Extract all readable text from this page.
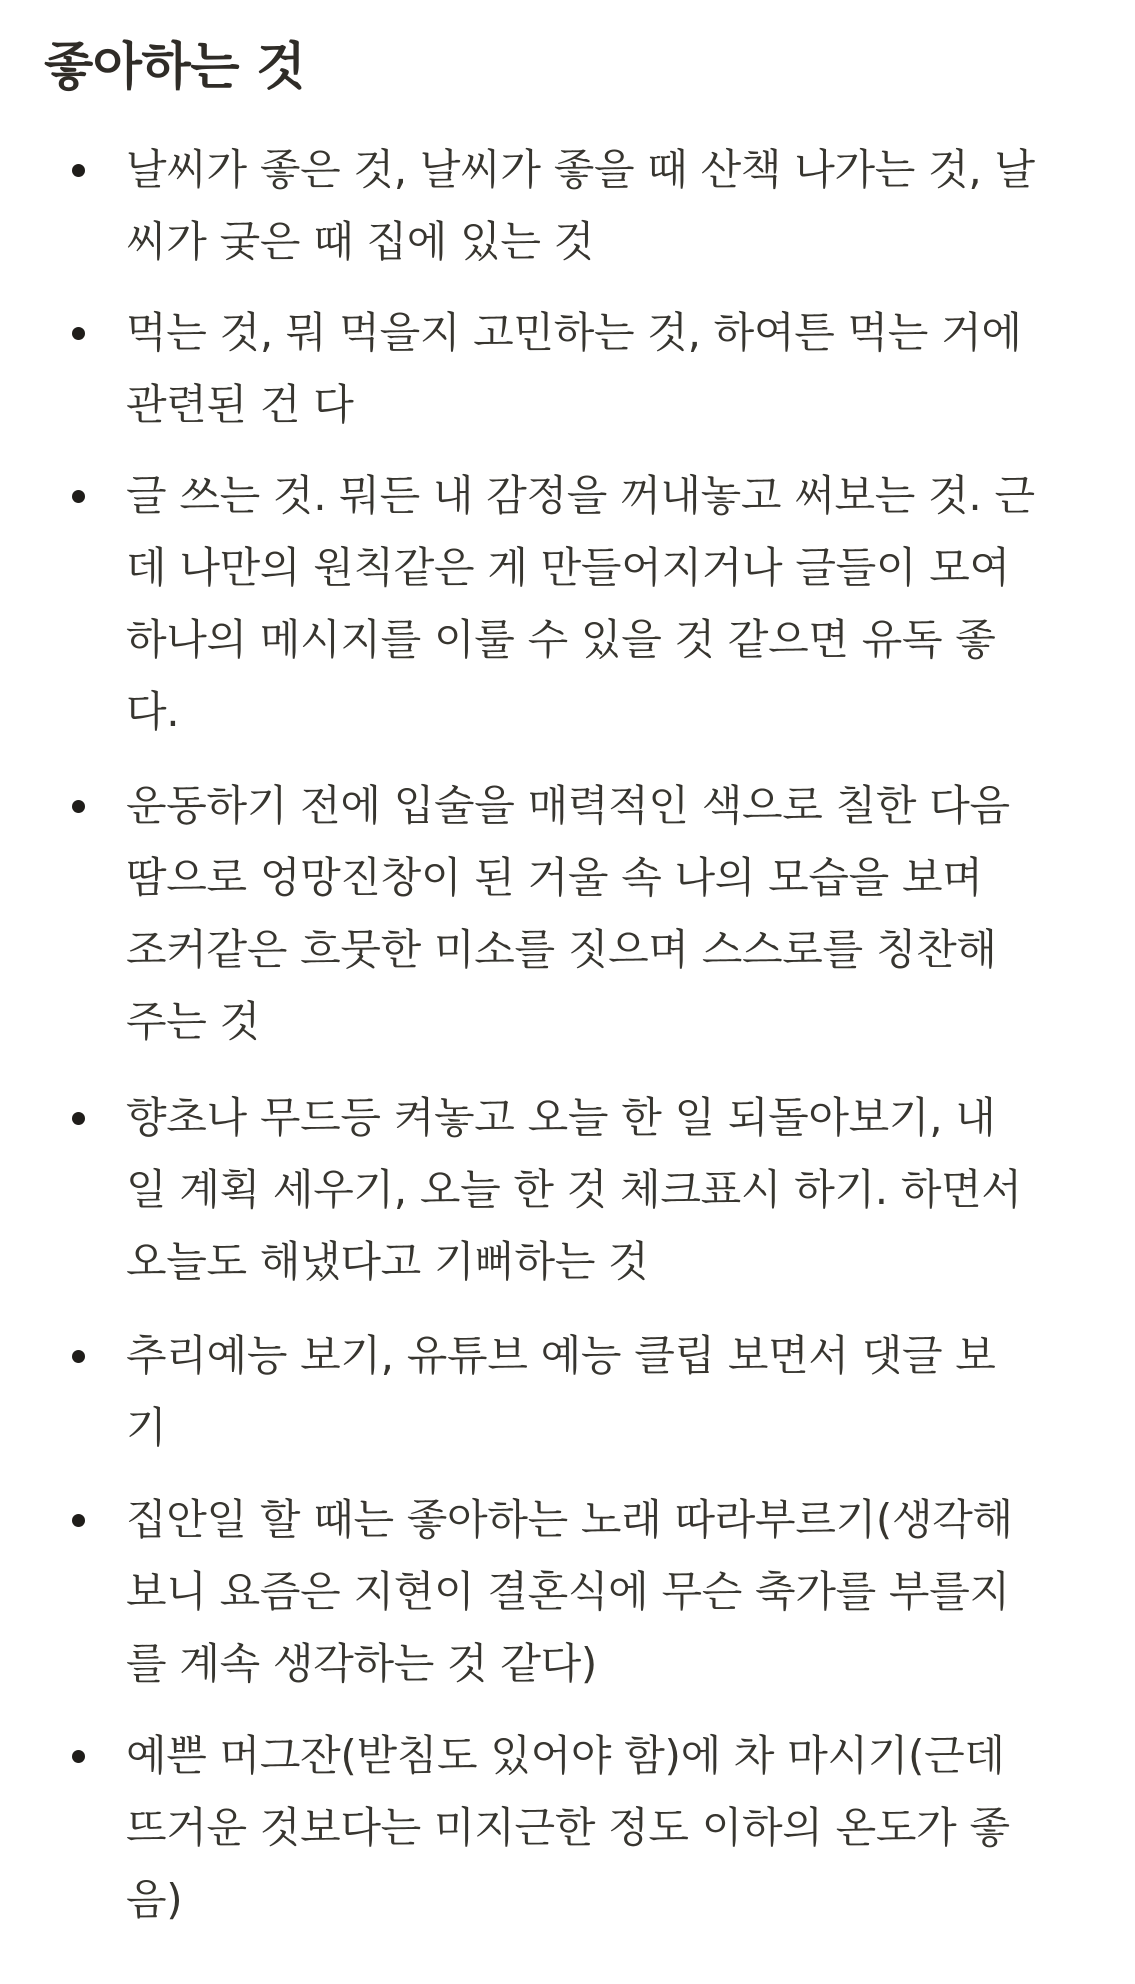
좋아하는 것

날씨가 좋은 것, 날씨가 좋을 때 산책 나가는 것, 날
씨가 궂은 때 집에 있는 것

먹는 것, 뭐 먹을지 고민하는 것, 하여튼 먹는 거에
관련된 건 다

글 쓰는 것. 뭐든 내 감정을 꺼내놓고 써보는 것. 근
데 나만의 원칙같은 게 만들어지거나 글들이 모여
하나의 메시지를 이룰 수 있을 것 같으면 유독 좋
다.

운동하기 전에 입술을 매력적인 색으로 칠한 다음
땀으로 엉망진창이 된 거울 속 나의 모습을 보며
조커같은 흐뭇한 미소를 짓으며 스스로를 칭찬해
주는 것

향초나 무드등 켜놓고 오늘 한 일 되돌아보기, 내
일 계획 세우기, 오늘 한 것 체크표시 하기. 하면서
오늘도 해냈다고 기뻐하는 것

추리예능 보기, 유튜브 예능 클립 보면서 댓글 보
기

집안일 할 때는 좋아하는 노래 따라부르기(생각해
보니 요즘은 지현이 결혼식에 무슨 축가를 부를지
를 계속 생각하는 것 같다)

예쁜 머그잔(받침도 있어야 함)에 차 마시기(근데
뜨거운 것보다는 미지근한 정도 이하의 온도가 좋
음)
